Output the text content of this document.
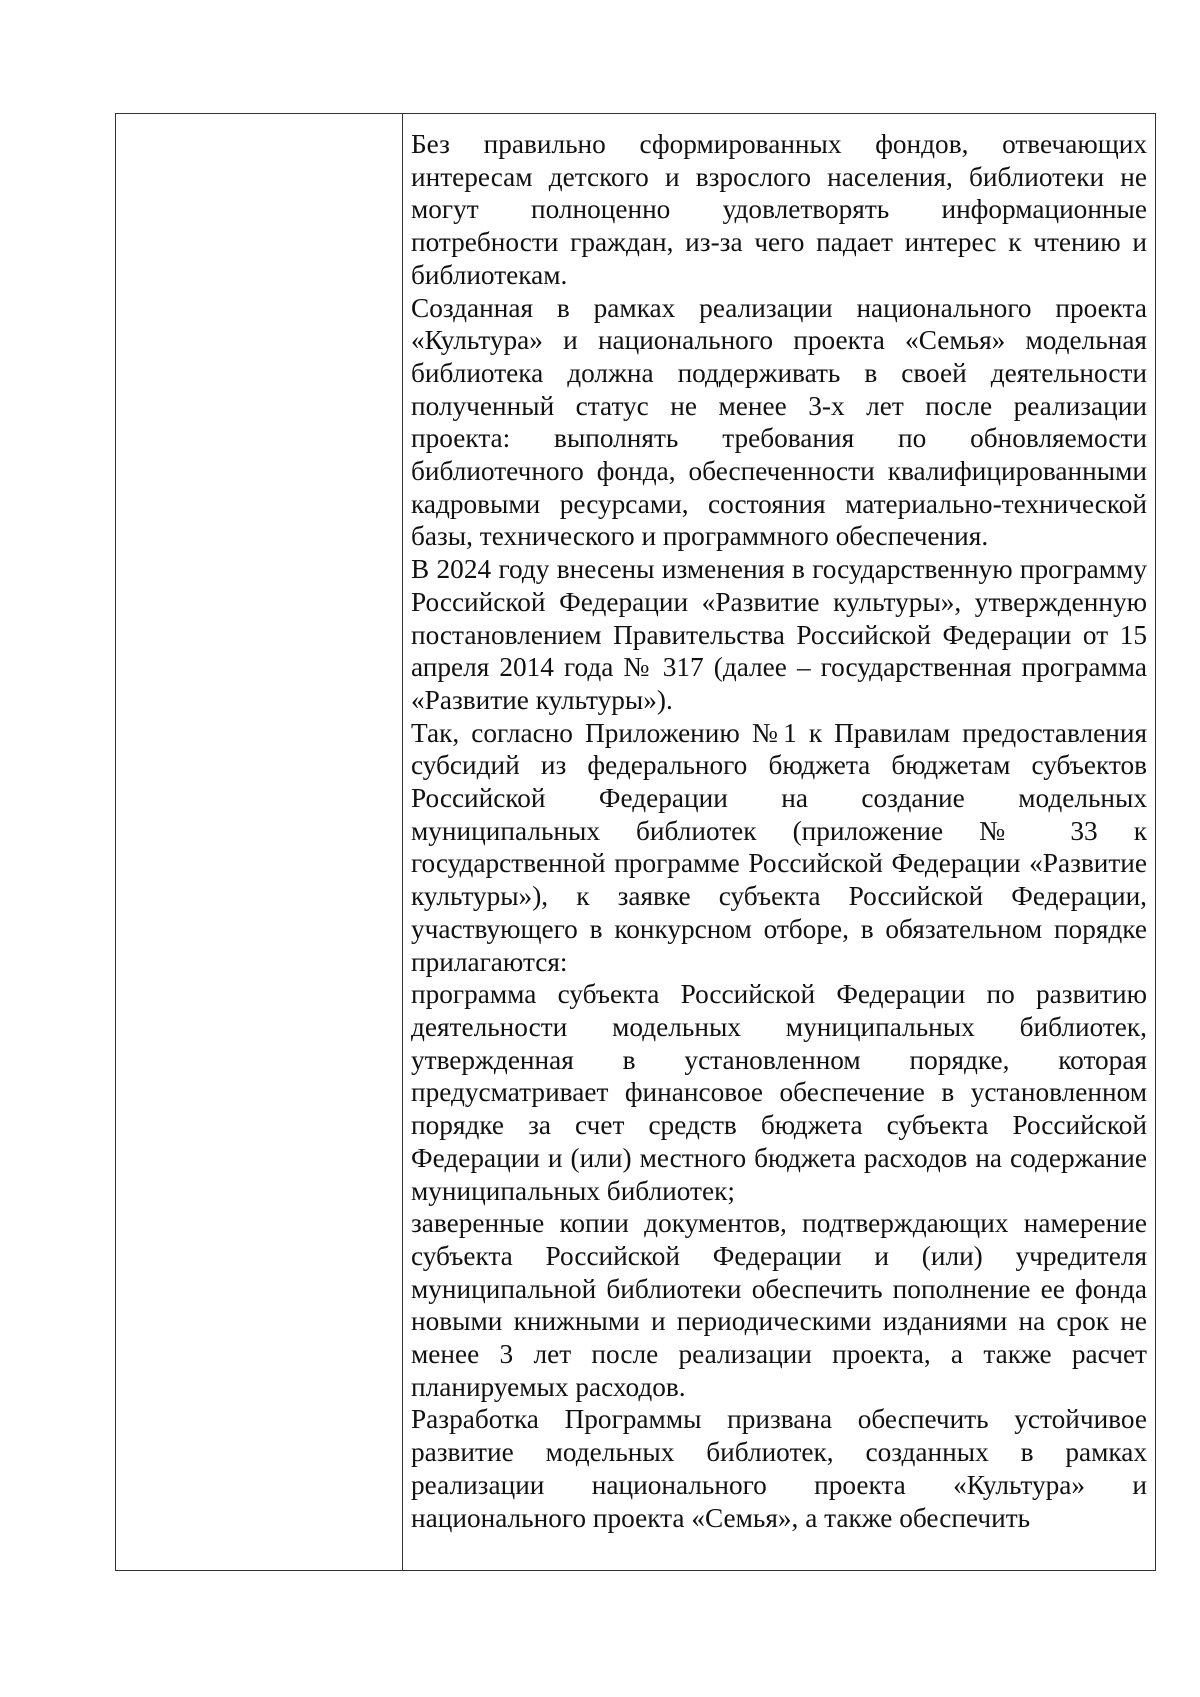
Без правильно сформированных фондов, отвечающих интересам детского и взрослого населения, библиотеки не могут полноценно удовлетворять информационные потребности граждан, из-за чего падает интерес к чтению и библиотекам.

Созданная в рамках реализации национального проекта «Культура» и национального проекта «Семья» модельная библиотека должна поддерживать в своей деятельности полученный статус не менее 3-х лет после реализации проекта: выполнять требования по обновляемости библиотечного фонда, обеспеченности квалифицированными кадровыми ресурсами, состояния материально-технической базы, технического и программного обеспечения.

В 2024 году внесены изменения в государственную программу Российской Федерации «Развитие культуры», утвержденную постановлением Правительства Российской Федерации от 15 апреля 2014 года № 317 (далее – государственная программа «Развитие культуры»).

Так, согласно Приложению №1 к Правилам предоставления субсидий из федерального бюджета бюджетам субъектов Российской Федерации на создание модельных муниципальных библиотек (приложение № 33 к государственной программе Российской Федерации «Развитие культуры»), к заявке субъекта Российской Федерации, участвующего в конкурсном отборе, в обязательном порядке прилагаются:

программа субъекта Российской Федерации по развитию деятельности модельных муниципальных библиотек, утвержденная в установленном порядке, которая предусматривает финансовое обеспечение в установленном порядке за счет средств бюджета субъекта Российской Федерации и (или) местного бюджета расходов на содержание муниципальных библиотек;

заверенные копии документов, подтверждающих намерение субъекта Российской Федерации и (или) учредителя муниципальной библиотеки обеспечить пополнение ее фонда новыми книжными и периодическими изданиями на срок не менее 3 лет после реализации проекта, а также расчет планируемых расходов.

Разработка Программы призвана обеспечить устойчивое развитие модельных библиотек, созданных в рамках реализации национального проекта «Культура» и национального проекта «Семья», а также обеспечить
